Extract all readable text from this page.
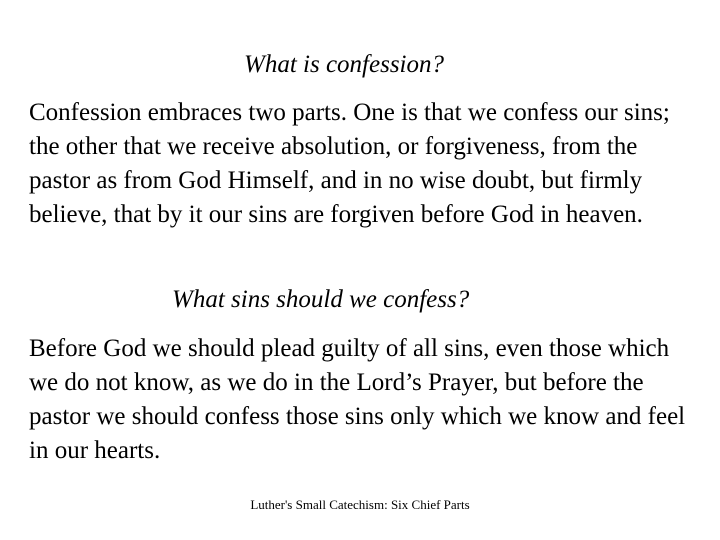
What is confession?

Confession embraces two parts. One is that we confess our sins; the other that we receive absolution, or forgiveness, from the pastor as from God Himself, and in no wise doubt, but firmly believe, that by it our sins are forgiven before God in heaven.

What sins should we confess?

Before God we should plead guilty of all sins, even those which we do not know, as we do in the Lord’s Prayer, but before the pastor we should confess those sins only which we know and feel in our hearts.

Luther's Small Catechism: Six Chief Parts
